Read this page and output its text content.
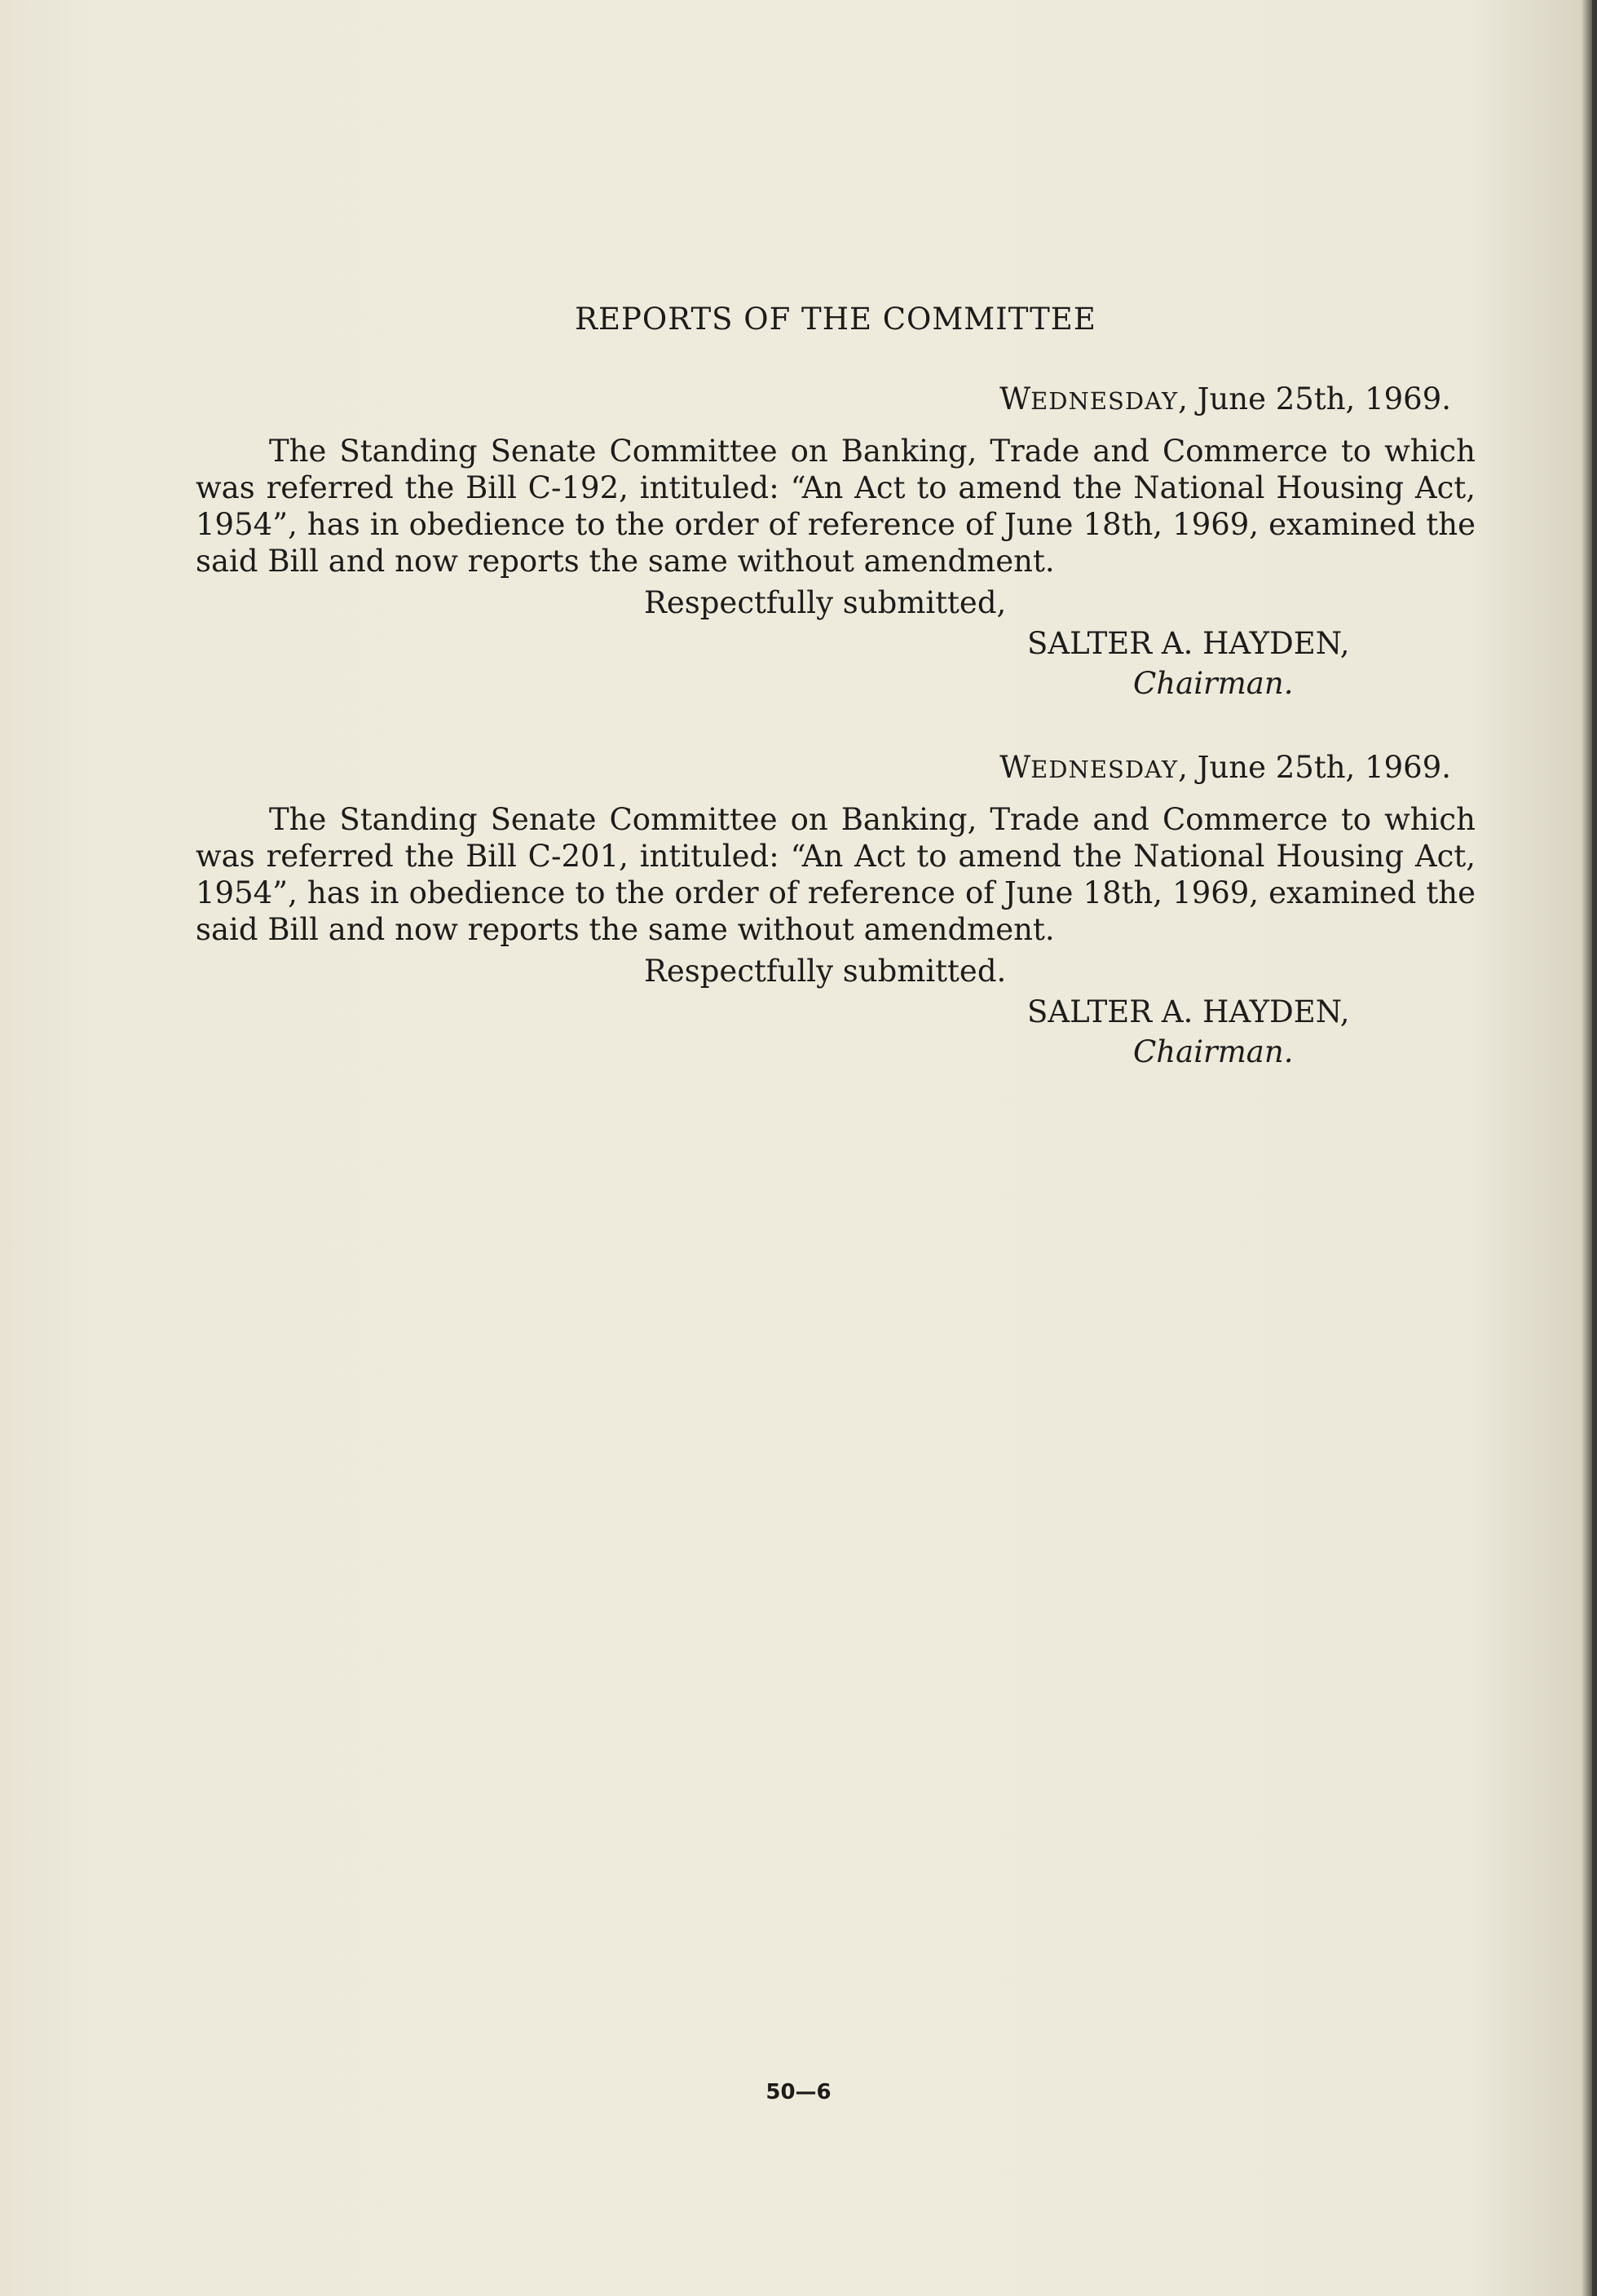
REPORTS OF THE COMMITTEE
WEDNESDAY, June 25th, 1969.
The Standing Senate Committee on Banking, Trade and Commerce to which was referred the Bill C-192, intituled: “An Act to amend the National Housing Act, 1954”, has in obedience to the order of reference of June 18th, 1969, examined the said Bill and now reports the same without amendment.
Respectfully submitted,
SALTER A. HAYDEN,
Chairman.
WEDNESDAY, June 25th, 1969.
The Standing Senate Committee on Banking, Trade and Commerce to which was referred the Bill C-201, intituled: “An Act to amend the National Housing Act, 1954”, has in obedience to the order of reference of June 18th, 1969, examined the said Bill and now reports the same without amendment.
Respectfully submitted.
SALTER A. HAYDEN,
Chairman.
50—6
